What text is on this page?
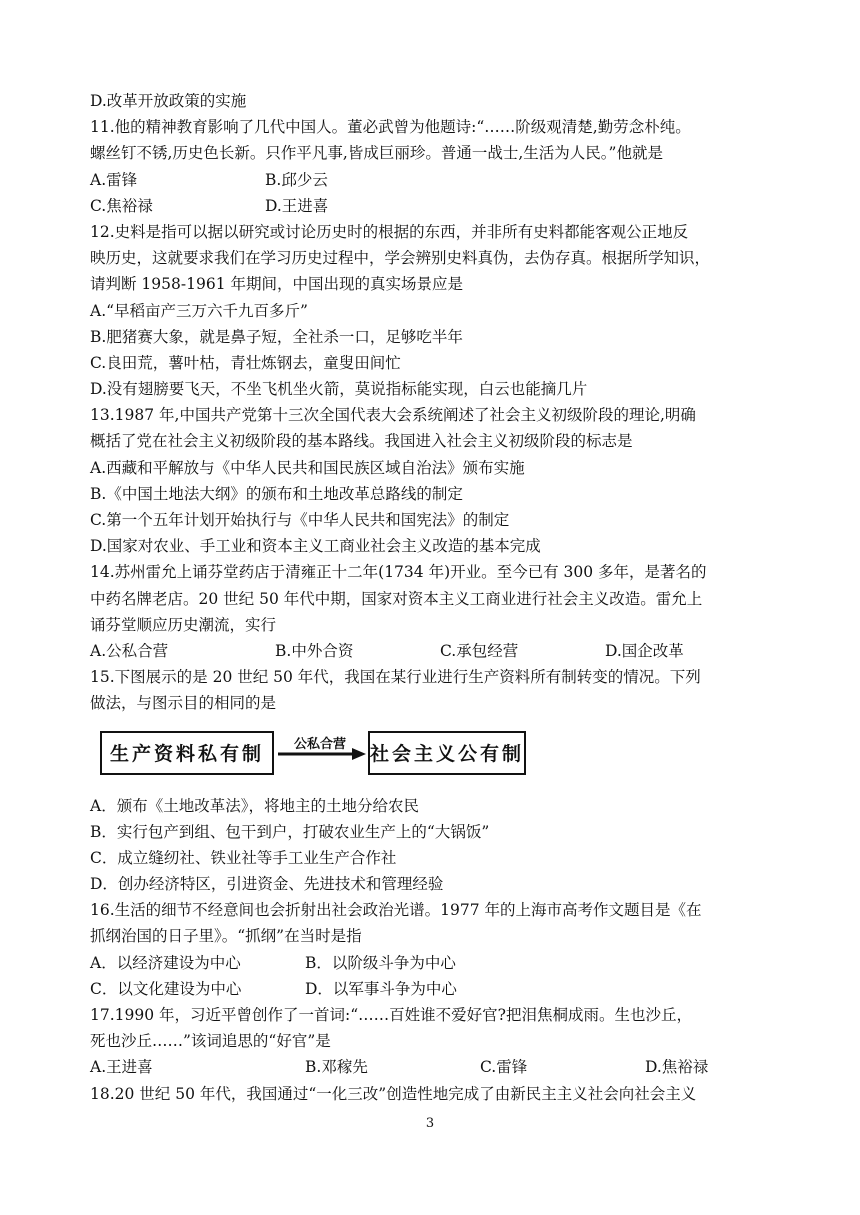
D.改革开放政策的实施
11.他的精神教育影响了几代中国人。董必武曾为他题诗:“……阶级观清楚,勤劳念朴纯。
螺丝钉不锈,历史色长新。只作平凡事,皆成巨丽珍。普通一战士,生活为人民。”他就是
A.雷锋	B.邱少云
C.焦裕禄	D.王进喜
12.史料是指可以据以研究或讨论历史时的根据的东西，并非所有史料都能客观公正地反
映历史，这就要求我们在学习历史过程中，学会辨别史料真伪，去伪存真。根据所学知识，
请判断 1958-1961 年期间，中国出现的真实场景应是
A.“早稻亩产三万六千九百多斤”
B.肥猪赛大象，就是鼻子短，全社杀一口，足够吃半年
C.良田荒，薯叶枯，青壮炼钢去，童叟田间忙
D.没有翅膀要飞天，不坐飞机坐火箭，莫说指标能实现，白云也能摘几片
13.1987 年,中国共产党第十三次全国代表大会系统阐述了社会主义初级阶段的理论,明确
概括了党在社会主义初级阶段的基本路线。我国进入社会主义初级阶段的标志是
A.西藏和平解放与《中华人民共和国民族区域自治法》颁布实施
B.《中国土地法大纲》的颁布和土地改革总路线的制定
C.第一个五年计划开始执行与《中华人民共和国宪法》的制定
D.国家对农业、手工业和资本主义工商业社会主义改造的基本完成
14.苏州雷允上诵芬堂药店于清雍正十二年(1734 年)开业。至今已有 300 多年，是著名的
中药名牌老店。20 世纪 50 年代中期，国家对资本主义工商业进行社会主义改造。雷允上
诵芬堂顺应历史潮流，实行
A.公私合营	B.中外合资	C.承包经营	D.国企改革
15.下图展示的是 20 世纪 50 年代，我国在某行业进行生产资料所有制转变的情况。下列
做法，与图示目的相同的是
生产资料私有制	公私合营	社会主义公有制
A．颁布《土地改革法》，将地主的土地分给农民
B．实行包产到组、包干到户，打破农业生产上的“大锅饭”
C．成立缝纫社、铁业社等手工业生产合作社
D．创办经济特区，引进资金、先进技术和管理经验
16.生活的细节不经意间也会折射出社会政治光谱。1977 年的上海市高考作文题目是《在
抓纲治国的日子里》。“抓纲”在当时是指
A．以经济建设为中心	B．以阶级斗争为中心
C．以文化建设为中心	D．以军事斗争为中心
17.1990 年，习近平曾创作了一首词:“……百姓谁不爱好官?把泪焦桐成雨。生也沙丘，
死也沙丘……”该词追思的“好官”是
A.王进喜	B.邓稼先	C.雷锋	D.焦裕禄
18.20 世纪 50 年代，我国通过“一化三改”创造性地完成了由新民主主义社会向社会主义
3
